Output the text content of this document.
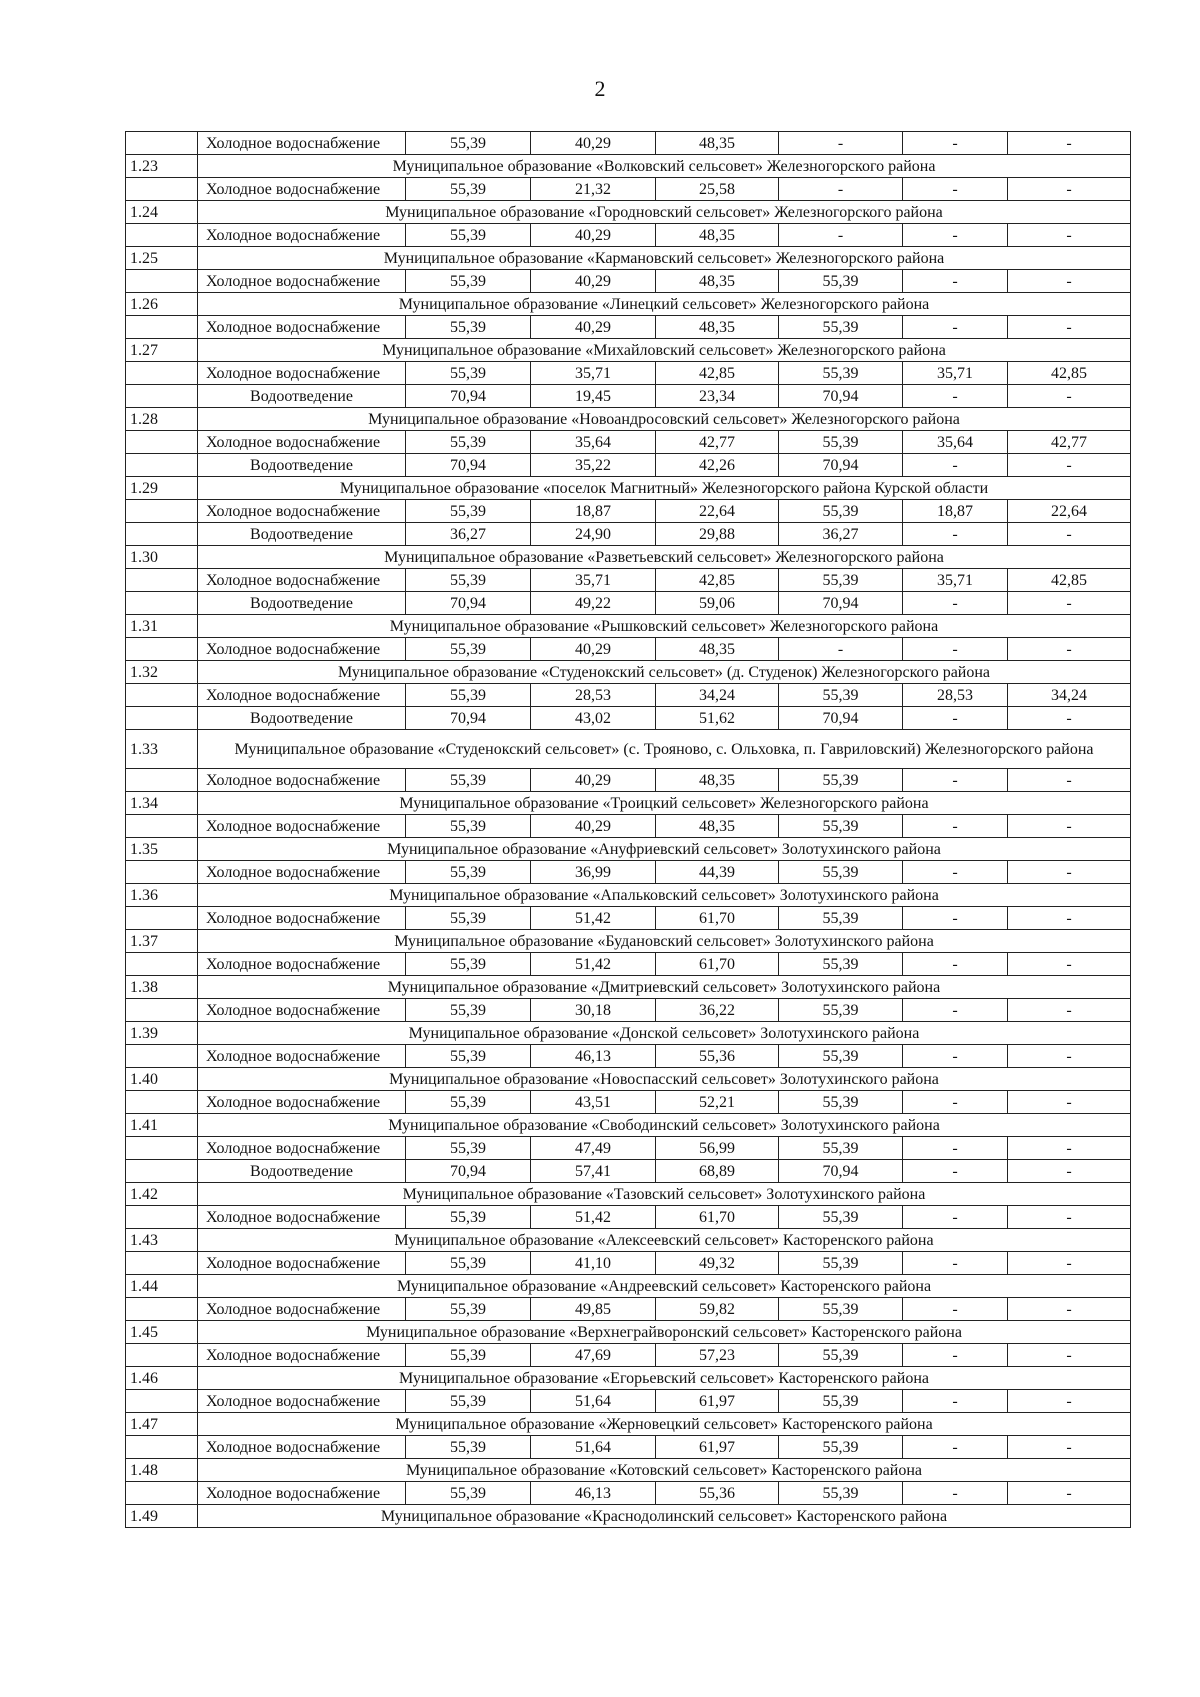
2
	Холодное водоснабжение	55,39	40,29	48,35	-	-	-
1.23	Муниципальное образование «Волковский сельсовет» Железногорского района						
	Холодное водоснабжение	55,39	21,32	25,58	-	-	-
1.24	Муниципальное образование «Городновский сельсовет» Железногорского района						
	Холодное водоснабжение	55,39	40,29	48,35	-	-	-
1.25	Муниципальное образование «Кармановский сельсовет» Железногорского района						
	Холодное водоснабжение	55,39	40,29	48,35	55,39	-	-
1.26	Муниципальное образование «Линецкий сельсовет» Железногорского района						
	Холодное водоснабжение	55,39	40,29	48,35	55,39	-	-
1.27	Муниципальное образование «Михайловский сельсовет» Железногорского района						
	Холодное водоснабжение	55,39	35,71	42,85	55,39	35,71	42,85
	Водоотведение	70,94	19,45	23,34	70,94	-	-
1.28	Муниципальное образование «Новоандросовский сельсовет» Железногорского района						
	Холодное водоснабжение	55,39	35,64	42,77	55,39	35,64	42,77
	Водоотведение	70,94	35,22	42,26	70,94	-	-
1.29	Муниципальное образование «поселок Магнитный» Железногорского района Курской области						
	Холодное водоснабжение	55,39	18,87	22,64	55,39	18,87	22,64
	Водоотведение	36,27	24,90	29,88	36,27	-	-
1.30	Муниципальное образование «Разветьевский сельсовет» Железногорского района						
	Холодное водоснабжение	55,39	35,71	42,85	55,39	35,71	42,85
	Водоотведение	70,94	49,22	59,06	70,94	-	-
1.31	Муниципальное образование «Рышковский сельсовет» Железногорского района						
	Холодное водоснабжение	55,39	40,29	48,35	-	-	-
1.32	Муниципальное образование «Студенокский сельсовет» (д. Студенок) Железногорского района						
	Холодное водоснабжение	55,39	28,53	34,24	55,39	28,53	34,24
	Водоотведение	70,94	43,02	51,62	70,94	-	-
1.33	Муниципальное образование «Студенокский сельсовет» (с. Трояново, с. Ольховка, п. Гавриловский) Железногорского района						
	Холодное водоснабжение	55,39	40,29	48,35	55,39	-	-
1.34	Муниципальное образование «Троицкий сельсовет» Железногорского района						
	Холодное водоснабжение	55,39	40,29	48,35	55,39	-	-
1.35	Муниципальное образование «Ануфриевский сельсовет» Золотухинского района						
	Холодное водоснабжение	55,39	36,99	44,39	55,39	-	-
1.36	Муниципальное образование «Апальковский сельсовет» Золотухинского района						
	Холодное водоснабжение	55,39	51,42	61,70	55,39	-	-
1.37	Муниципальное образование «Будановский сельсовет» Золотухинского района						
	Холодное водоснабжение	55,39	51,42	61,70	55,39	-	-
1.38	Муниципальное образование «Дмитриевский сельсовет» Золотухинского района						
	Холодное водоснабжение	55,39	30,18	36,22	55,39	-	-
1.39	Муниципальное образование «Донской сельсовет» Золотухинского района						
	Холодное водоснабжение	55,39	46,13	55,36	55,39	-	-
1.40	Муниципальное образование «Новоспасский сельсовет» Золотухинского района						
	Холодное водоснабжение	55,39	43,51	52,21	55,39	-	-
1.41	Муниципальное образование «Свободинский сельсовет» Золотухинского района						
	Холодное водоснабжение	55,39	47,49	56,99	55,39	-	-
	Водоотведение	70,94	57,41	68,89	70,94	-	-
1.42	Муниципальное образование «Тазовский сельсовет» Золотухинского района						
	Холодное водоснабжение	55,39	51,42	61,70	55,39	-	-
1.43	Муниципальное образование «Алексеевский сельсовет» Касторенского района						
	Холодное водоснабжение	55,39	41,10	49,32	55,39	-	-
1.44	Муниципальное образование «Андреевский сельсовет» Касторенского района						
	Холодное водоснабжение	55,39	49,85	59,82	55,39	-	-
1.45	Муниципальное образование «Верхнеграйворонский сельсовет» Касторенского района						
	Холодное водоснабжение	55,39	47,69	57,23	55,39	-	-
1.46	Муниципальное образование «Егорьевский сельсовет» Касторенского района						
	Холодное водоснабжение	55,39	51,64	61,97	55,39	-	-
1.47	Муниципальное образование «Жерновецкий сельсовет» Касторенского района						
	Холодное водоснабжение	55,39	51,64	61,97	55,39	-	-
1.48	Муниципальное образование «Котовский сельсовет» Касторенского района						
	Холодное водоснабжение	55,39	46,13	55,36	55,39	-	-
1.49	Муниципальное образование «Краснодолинский сельсовет» Касторенского района						
